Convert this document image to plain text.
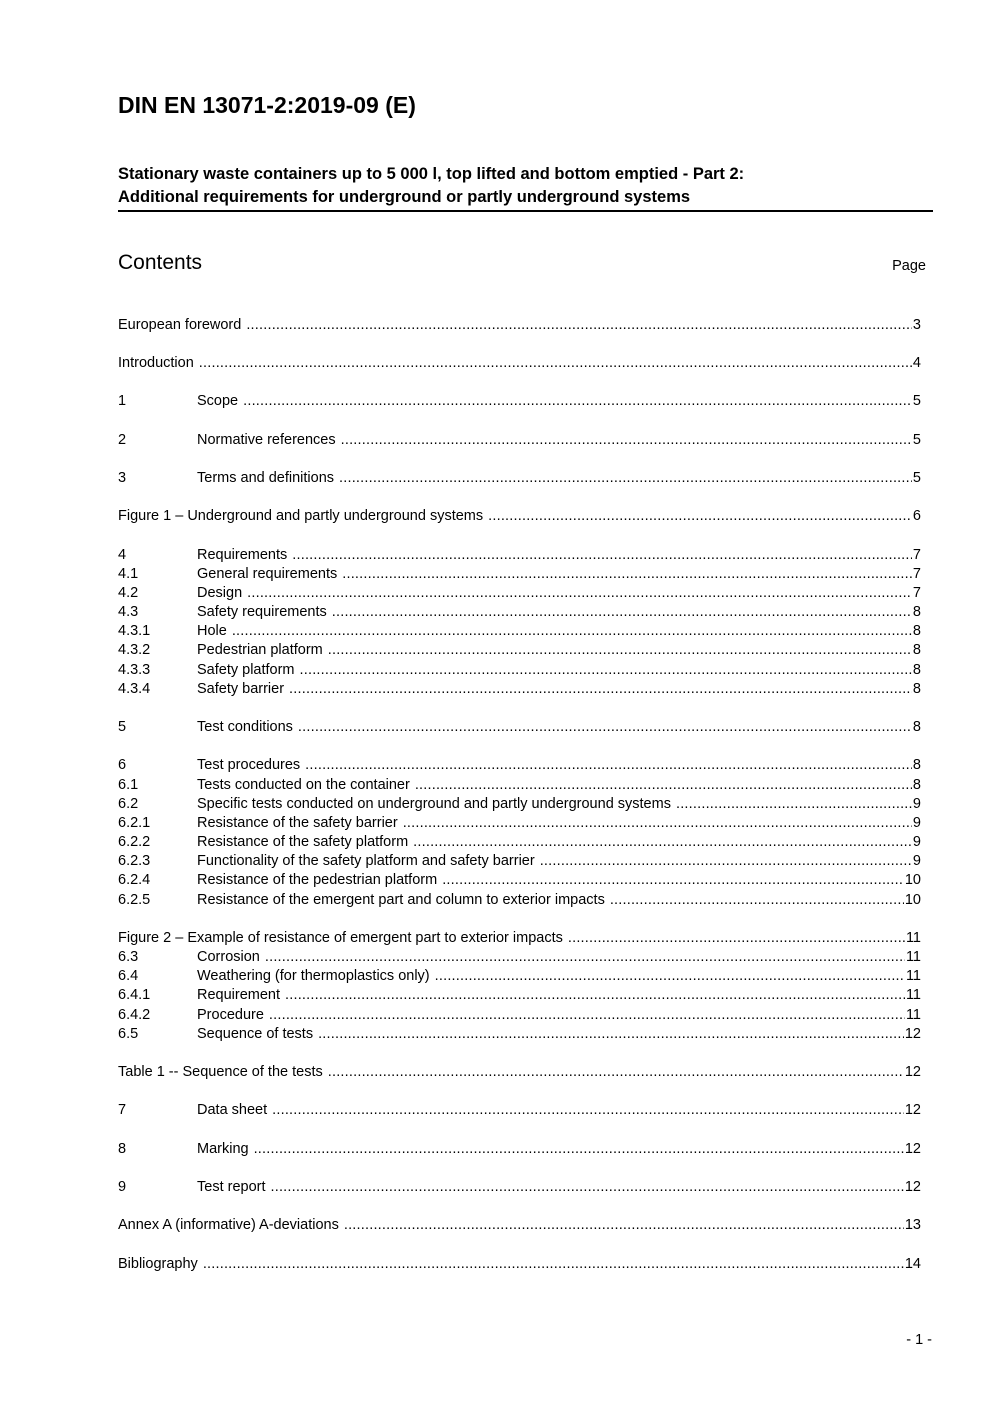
DIN EN 13071-2:2019-09 (E)
Stationary waste containers up to 5 000 l, top lifted and bottom emptied - Part 2:
Additional requirements for underground or partly underground systems
Contents	Page
European foreword .....	3
Introduction .....	4
1	Scope .....	5
2	Normative references .....	5
3	Terms and definitions .....	5
Figure 1 – Underground and partly underground systems .....	6
4	Requirements .....	7
4.1	General requirements .....	7
4.2	Design .....	7
4.3	Safety requirements .....	8
4.3.1	Hole .....	8
4.3.2	Pedestrian platform .....	8
4.3.3	Safety platform .....	8
4.3.4	Safety barrier .....	8
5	Test conditions .....	8
6	Test procedures .....	8
6.1	Tests conducted on the container .....	8
6.2	Specific tests conducted on underground and partly underground systems .....	9
6.2.1	Resistance of the safety barrier .....	9
6.2.2	Resistance of the safety platform .....	9
6.2.3	Functionality of the safety platform and safety barrier .....	9
6.2.4	Resistance of the pedestrian platform .....	10
6.2.5	Resistance of the emergent part and column to exterior impacts .....	10
Figure 2 – Example of resistance of emergent part to exterior impacts .....	11
6.3	Corrosion .....	11
6.4	Weathering (for thermoplastics only) .....	11
6.4.1	Requirement .....	11
6.4.2	Procedure .....	11
6.5	Sequence of tests .....	12
Table 1 -- Sequence of the tests .....	12
7	Data sheet .....	12
8	Marking .....	12
9	Test report .....	12
Annex A (informative) A-deviations .....	13
Bibliography .....	14
- 1 -
